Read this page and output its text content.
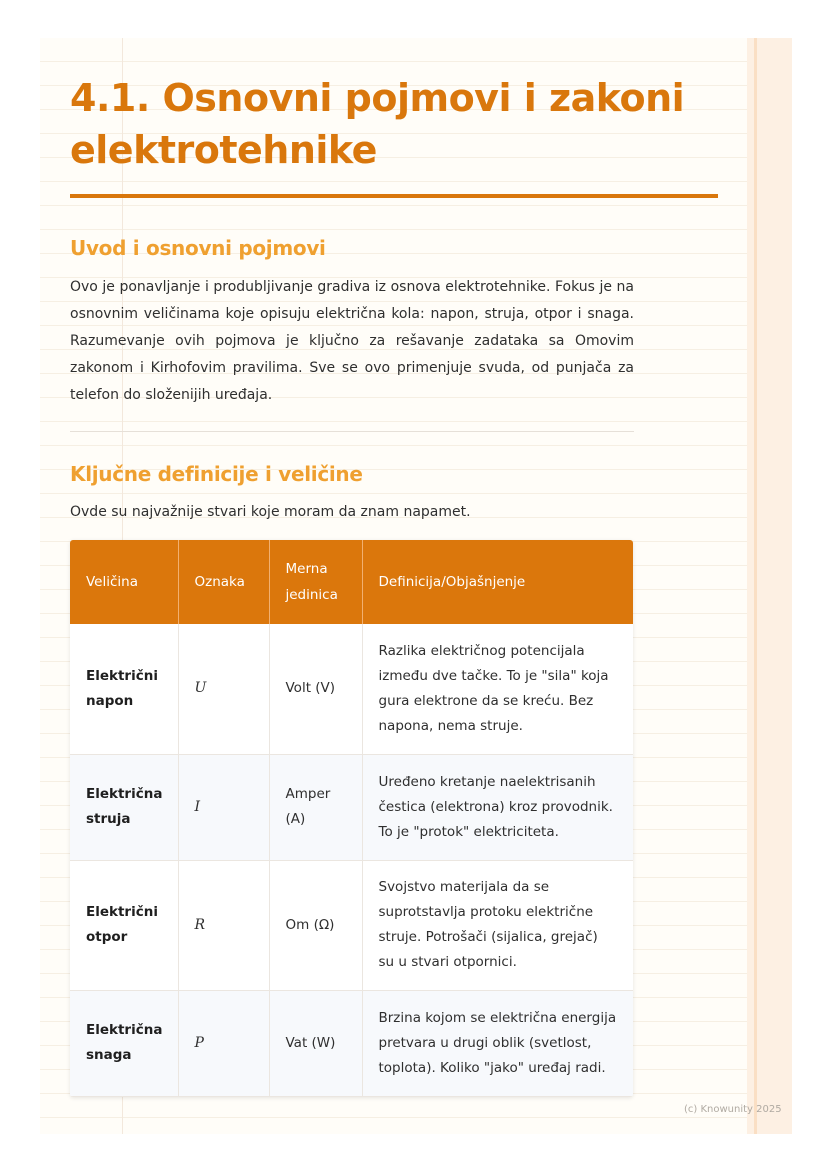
4.1. Osnovni pojmovi i zakoni elektrotehnike
Uvod i osnovni pojmovi

Ovo je ponavljanje i produbljivanje gradiva iz osnova elektrotehnike. Fokus je na osnovnim veličinama koje opisuju električna kola: napon, struja, otpor i snaga. Razumevanje ovih pojmova je ključno za rešavanje zadataka sa Omovim zakonom i Kirhofovim pravilima. Sve se ovo primenjuje svuda, od punjača za telefon do složenijih uređaja.

Ključne definicije i veličine

Ovde su najvažnije stvari koje moram da znam napamet.

Veličina	Oznaka	Merna jedinica	Definicija/Objašnjenje
Električni napon	U	Volt (V)	Razlika električnog potencijala između dve tačke. To je "sila" koja gura elektrone da se kreću. Bez napona, nema struje.
Električna struja	I	Amper (A)	Uređeno kretanje naelektrisanih čestica (elektrona) kroz provodnik. To je "protok" elektriciteta.
Električni otpor	R	Om (Ω)	Svojstvo materijala da se suprotstavlja protoku električne struje. Potrošači (sijalica, grejač) su u stvari otpornici.
Električna snaga	P	Vat (W)	Brzina kojom se električna energija pretvara u drugi oblik (svetlost, toplota). Koliko "jako" uređaj radi.
(c) Knowunity 2025
